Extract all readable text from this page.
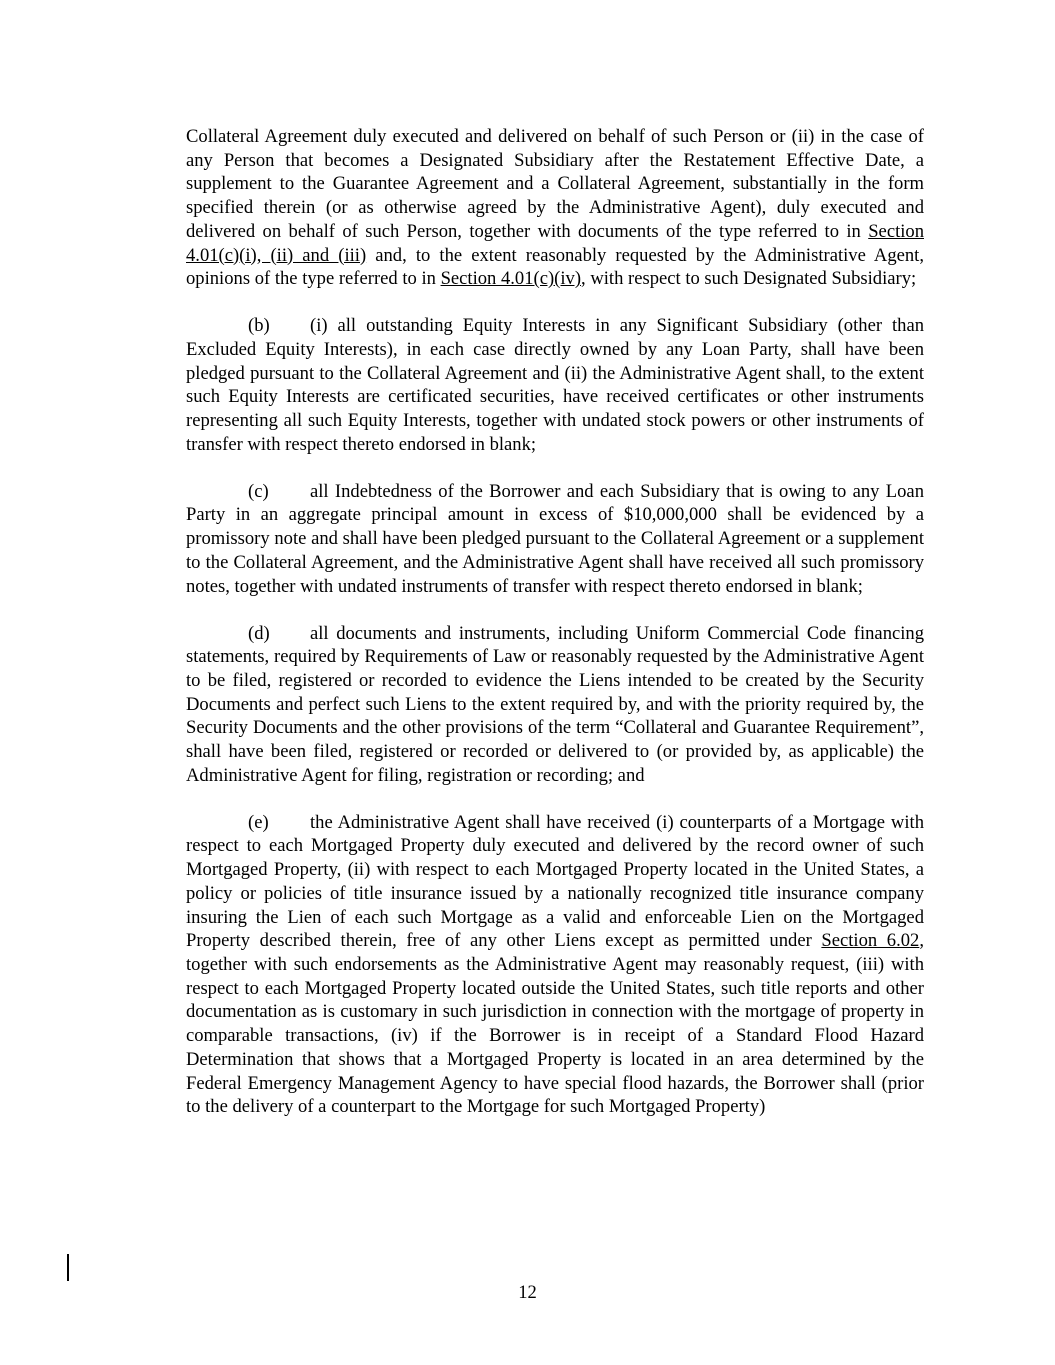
Collateral Agreement duly executed and delivered on behalf of such Person or (ii) in the case of any Person that becomes a Designated Subsidiary after the Restatement Effective Date, a supplement to the Guarantee Agreement and a Collateral Agreement, substantially in the form specified therein (or as otherwise agreed by the Administrative Agent), duly executed and delivered on behalf of such Person, together with documents of the type referred to in Section 4.01(c)(i), (ii) and (iii) and, to the extent reasonably requested by the Administrative Agent, opinions of the type referred to in Section 4.01(c)(iv), with respect to such Designated Subsidiary;

(b) (i) all outstanding Equity Interests in any Significant Subsidiary (other than Excluded Equity Interests), in each case directly owned by any Loan Party, shall have been pledged pursuant to the Collateral Agreement and (ii) the Administrative Agent shall, to the extent such Equity Interests are certificated securities, have received certificates or other instruments representing all such Equity Interests, together with undated stock powers or other instruments of transfer with respect thereto endorsed in blank;

(c) all Indebtedness of the Borrower and each Subsidiary that is owing to any Loan Party in an aggregate principal amount in excess of $10,000,000 shall be evidenced by a promissory note and shall have been pledged pursuant to the Collateral Agreement or a supplement to the Collateral Agreement, and the Administrative Agent shall have received all such promissory notes, together with undated instruments of transfer with respect thereto endorsed in blank;

(d) all documents and instruments, including Uniform Commercial Code financing statements, required by Requirements of Law or reasonably requested by the Administrative Agent to be filed, registered or recorded to evidence the Liens intended to be created by the Security Documents and perfect such Liens to the extent required by, and with the priority required by, the Security Documents and the other provisions of the term “Collateral and Guarantee Requirement”, shall have been filed, registered or recorded or delivered to (or provided by, as applicable) the Administrative Agent for filing, registration or recording; and

(e) the Administrative Agent shall have received (i) counterparts of a Mortgage with respect to each Mortgaged Property duly executed and delivered by the record owner of such Mortgaged Property, (ii) with respect to each Mortgaged Property located in the United States, a policy or policies of title insurance issued by a nationally recognized title insurance company insuring the Lien of each such Mortgage as a valid and enforceable Lien on the Mortgaged Property described therein, free of any other Liens except as permitted under Section 6.02, together with such endorsements as the Administrative Agent may reasonably request, (iii) with respect to each Mortgaged Property located outside the United States, such title reports and other documentation as is customary in such jurisdiction in connection with the mortgage of property in comparable transactions, (iv) if the Borrower is in receipt of a Standard Flood Hazard Determination that shows that a Mortgaged Property is located in an area determined by the Federal Emergency Management Agency to have special flood hazards, the Borrower shall (prior to the delivery of a counterpart to the Mortgage for such Mortgaged Property)

12
